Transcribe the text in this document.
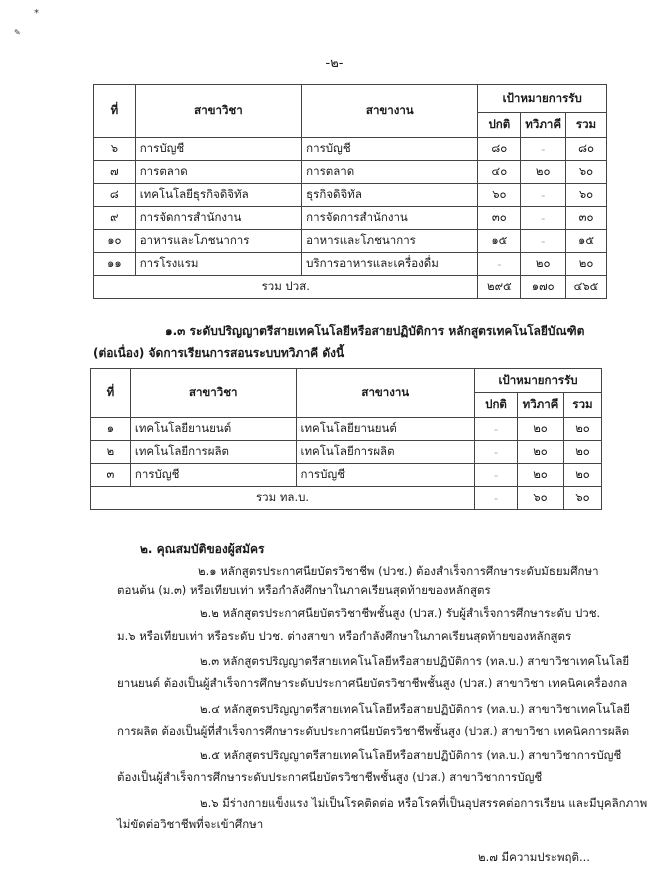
*
✎
-๒-
ที่	สาขาวิชา	สาขางาน	เป้าหมายการรับ		
			ปกติ	ทวิภาคี	รวม
๖	การบัญชี	การบัญชี	๘๐	-	๘๐
๗	การตลาด	การตลาด	๔๐	๒๐	๖๐
๘	เทคโนโลยีธุรกิจดิจิทัล	ธุรกิจดิจิทัล	๖๐	-	๖๐
๙	การจัดการสำนักงาน	การจัดการสำนักงาน	๓๐	-	๓๐
๑๐	อาหารและโภชนาการ	อาหารและโภชนาการ	๑๕	-	๑๕
๑๑	การโรงแรม	บริการอาหารและเครื่องดื่ม	-	๒๐	๒๐
รวม ปวส.			๒๙๕	๑๗๐	๔๖๕
๑.๓ ระดับปริญญาตรีสายเทคโนโลยีหรือสายปฏิบัติการ หลักสูตรเทคโนโลยีบัณฑิต
(ต่อเนื่อง) จัดการเรียนการสอนระบบทวิภาคี ดังนี้
ที่	สาขาวิชา	สาขางาน	เป้าหมายการรับ		
			ปกติ	ทวิภาคี	รวม
๑	เทคโนโลยียานยนต์	เทคโนโลยียานยนต์	-	๒๐	๒๐
๒	เทคโนโลยีการผลิต	เทคโนโลยีการผลิต	-	๒๐	๒๐
๓	การบัญชี	การบัญชี	-	๒๐	๒๐
รวม ทล.บ.			-	๖๐	๖๐
๒. คุณสมบัติของผู้สมัคร
๒.๑ หลักสูตรประกาศนียบัตรวิชาชีพ (ปวช.) ต้องสำเร็จการศึกษาระดับมัธยมศึกษา
ตอนต้น (ม.๓) หรือเทียบเท่า หรือกำลังศึกษาในภาคเรียนสุดท้ายของหลักสูตร
๒.๒ หลักสูตรประกาศนียบัตรวิชาชีพชั้นสูง (ปวส.) รับผู้สำเร็จการศึกษาระดับ ปวช.
ม.๖ หรือเทียบเท่า หรือระดับ ปวช. ต่างสาขา หรือกำลังศึกษาในภาคเรียนสุดท้ายของหลักสูตร
๒.๓ หลักสูตรปริญญาตรีสายเทคโนโลยีหรือสายปฏิบัติการ (ทล.บ.) สาขาวิชาเทคโนโลยี
ยานยนต์ ต้องเป็นผู้สำเร็จการศึกษาระดับประกาศนียบัตรวิชาชีพชั้นสูง (ปวส.) สาขาวิชา เทคนิคเครื่องกล
๒.๔ หลักสูตรปริญญาตรีสายเทคโนโลยีหรือสายปฏิบัติการ (ทล.บ.) สาขาวิชาเทคโนโลยี
การผลิต ต้องเป็นผู้ที่สำเร็จการศึกษาระดับประกาศนียบัตรวิชาชีพชั้นสูง (ปวส.) สาขาวิชา เทคนิคการผลิต
๒.๕ หลักสูตรปริญญาตรีสายเทคโนโลยีหรือสายปฏิบัติการ (ทล.บ.) สาขาวิชาการบัญชี
ต้องเป็นผู้สำเร็จการศึกษาระดับประกาศนียบัตรวิชาชีพชั้นสูง (ปวส.) สาขาวิชาการบัญชี
๒.๖ มีร่างกายแข็งแรง ไม่เป็นโรคติดต่อ หรือโรคที่เป็นอุปสรรคต่อการเรียน และมีบุคลิกภาพ
ไม่ขัดต่อวิชาชีพที่จะเข้าศึกษา
๒.๗ มีความประพฤติ...
